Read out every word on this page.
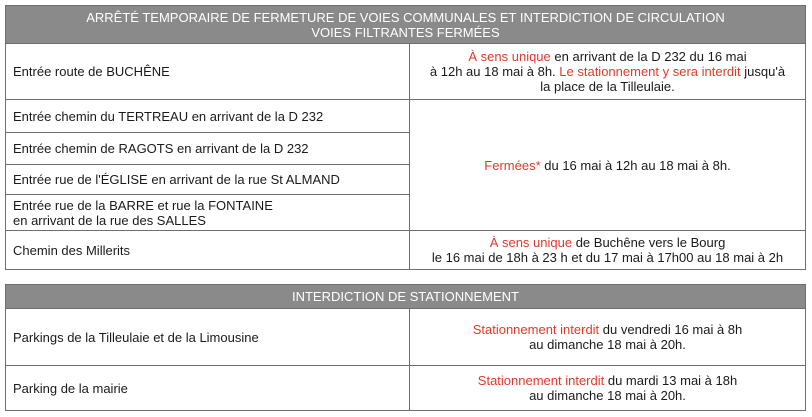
ARRÊTÉ TEMPORAIRE DE FERMETURE DE VOIES COMMUNALES ET INTERDICTION DE CIRCULATION
VOIES FILTRANTES FERMÉES	

Entrée route de BUCHÊNE	À sens unique en arrivant de la D 232 du 16 mai
à 12h au 18 mai à 8h. Le stationnement y sera interdit jusqu'à
la place de la Tilleulaie.

Entrée chemin du TERTREAU en arrivant de la D 232	Fermées* du 16 mai à 12h au 18 mai à 8h.
Entrée chemin de RAGOTS en arrivant de la D 232	
Entrée rue de l'ÉGLISE en arrivant de la rue St ALMAND	

Entrée rue de la BARRE et rue la FONTAINE
en arrivant de la rue des SALLES	

Chemin des Millerits	À sens unique de Buchêne vers le Bourg
le 16 mai de 18h à 23 h et du 17 mai à 17h00 au 18 mai à 2h
INTERDICTION DE STATIONNEMENT	
Parkings de la Tilleulaie et de la Limousine	Stationnement interdit du vendredi 16 mai à 8h
au dimanche 18 mai à 20h.

Parking de la mairie	Stationnement interdit du mardi 13 mai à 18h
au dimanche 18 mai à 20h.
